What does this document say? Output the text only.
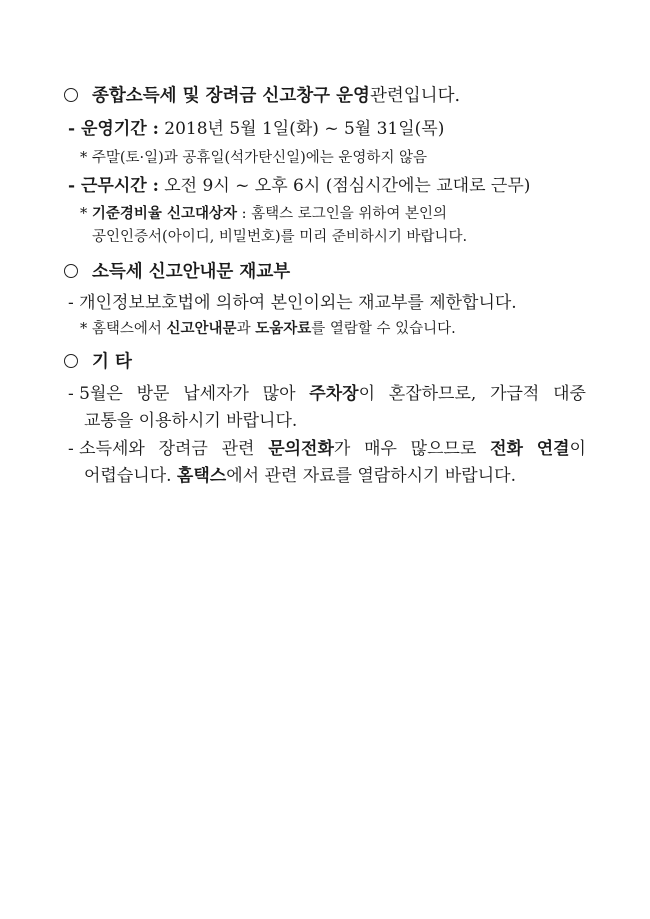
종합소득세 및 장려금 신고창구 운영관련입니다.
- 운영기간 : 2018년 5월 1일(화) ~ 5월 31일(목)
* 주말(토·일)과 공휴일(석가탄신일)에는 운영하지 않음
- 근무시간 : 오전 9시 ~ 오후 6시 (점심시간에는 교대로 근무)
* 기준경비율 신고대상자 : 홈택스 로그인을 위하여 본인의
공인인증서(아이디, 비밀번호)를 미리 준비하시기 바랍니다.
소득세 신고안내문 재교부
- 개인정보보호법에 의하여 본인이외는 재교부를 제한합니다.
* 홈택스에서 신고안내문과 도움자료를 열람할 수 있습니다.
기 타
- 5월은 방문 납세자가 많아 주차장이 혼잡하므로, 가급적 대중
교통을 이용하시기 바랍니다.
- 소득세와 장려금 관련 문의전화가 매우 많으므로 전화 연결이
어렵습니다. 홈택스에서 관련 자료를 열람하시기 바랍니다.
